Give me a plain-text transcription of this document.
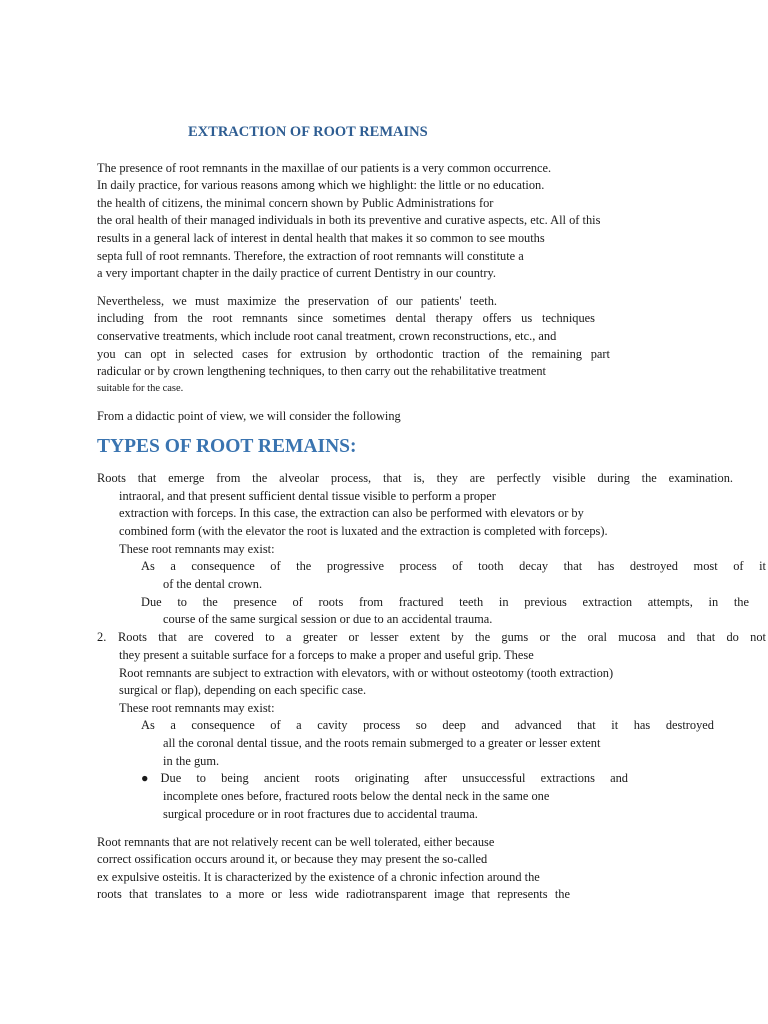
EXTRACTION OF ROOT REMAINS
The presence of root remnants in the maxillae of our patients is a very common occurrence.
In daily practice, for various reasons among which we highlight: the little or no education.
the health of citizens, the minimal concern shown by Public Administrations for
the oral health of their managed individuals in both its preventive and curative aspects, etc. All of this
results in a general lack of interest in dental health that makes it so common to see mouths
septa full of root remnants. Therefore, the extraction of root remnants will constitute a
a very important chapter in the daily practice of current Dentistry in our country.
Nevertheless, we must maximize the preservation of our patients' teeth.
including from the root remnants since sometimes dental therapy offers us techniques
conservative treatments, which include root canal treatment, crown reconstructions, etc., and
you can opt in selected cases for extrusion by orthodontic traction of the remaining part
radicular or by crown lengthening techniques, to then carry out the rehabilitative treatment
suitable for the case.
From a didactic point of view, we will consider the following
TYPES OF ROOT REMAINS:
Roots that emerge from the alveolar process, that is, they are perfectly visible during the examination.
intraoral, and that present sufficient dental tissue visible to perform a proper
extraction with forceps. In this case, the extraction can also be performed with elevators or by
combined form (with the elevator the root is luxated and the extraction is completed with forceps).
These root remnants may exist:
As a consequence of the progressive process of tooth decay that has destroyed most of it
of the dental crown.
Due to the presence of roots from fractured teeth in previous extraction attempts, in the
course of the same surgical session or due to an accidental trauma.
2. Roots that are covered to a greater or lesser extent by the gums or the oral mucosa and that do not
they present a suitable surface for a forceps to make a proper and useful grip. These
Root remnants are subject to extraction with elevators, with or without osteotomy (tooth extraction)
surgical or flap), depending on each specific case.
These root remnants may exist:
As a consequence of a cavity process so deep and advanced that it has destroyed
all the coronal dental tissue, and the roots remain submerged to a greater or lesser extent
in the gum.
●Due to being ancient roots originating after unsuccessful extractions and
incomplete ones before, fractured roots below the dental neck in the same one
surgical procedure or in root fractures due to accidental trauma.
Root remnants that are not relatively recent can be well tolerated, either because
correct ossification occurs around it, or because they may present the so-called
ex expulsive osteitis. It is characterized by the existence of a chronic infection around the
roots that translates to a more or less wide radiotransparent image that represents the
